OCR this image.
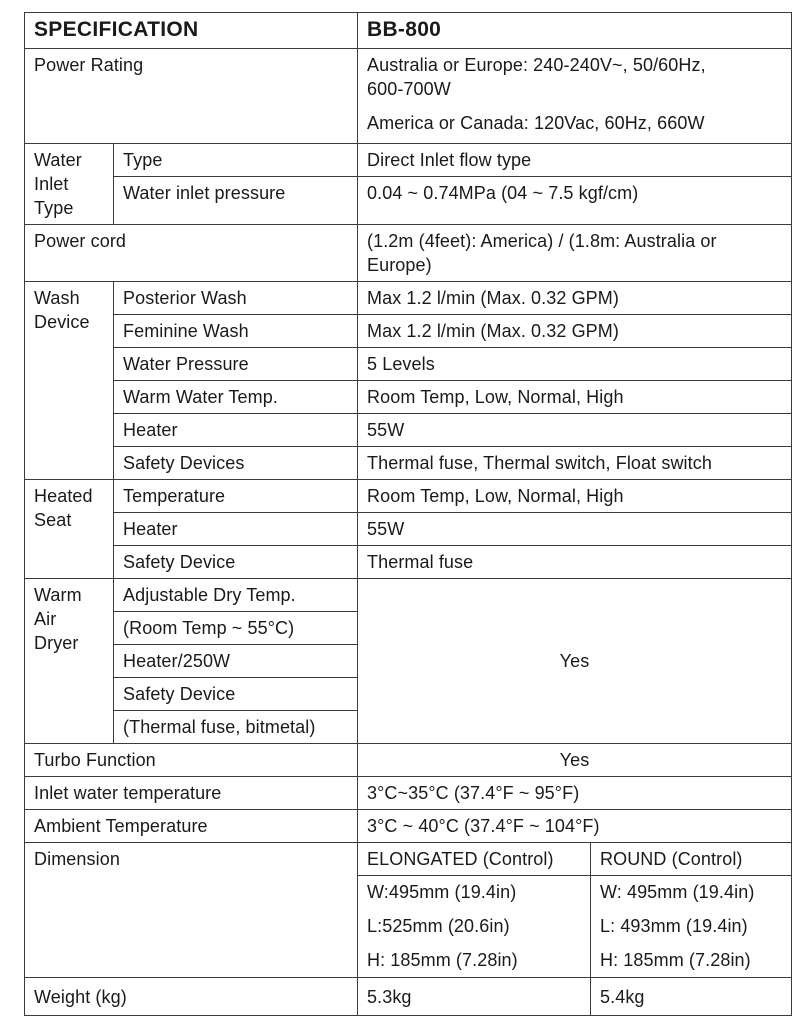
SPECIFICATION		BB-800	
Power Rating		Australia or Europe: 240-240V~, 50/60Hz,
600-700W
America or Canada: 120Vac, 60Hz, 660W	

Water
Inlet
Type	Type	Direct Inlet flow type	
	Water inlet pressure	0.04 ~ 0.74MPa (04 ~ 7.5 kgf/cm)	
Power cord		(1.2m (4feet): America) / (1.8m: Australia or
Europe)	

Wash
Device	Posterior Wash	Max 1.2 l/min (Max. 0.32 GPM)	
	Feminine Wash	Max 1.2 l/min (Max. 0.32 GPM)	
	Water Pressure	5 Levels	
	Warm Water Temp.	Room Temp, Low, Normal, High	
	Heater	55W	
	Safety Devices	Thermal fuse, Thermal switch, Float switch	

Heated
Seat	Temperature	Room Temp, Low, Normal, High	
	Heater	55W	
	Safety Device	Thermal fuse	

Warm
Air
Dryer	Adjustable Dry Temp.	Yes	
	(Room Temp ~ 55°C)		
	Heater/250W		
	Safety Device		
	(Thermal fuse, bitmetal)		
Turbo Function		Yes	
Inlet water temperature		3°C~35°C (37.4°F ~ 95°F)	
Ambient Temperature		3°C ~ 40°C (37.4°F ~ 104°F)	
Dimension		ELONGATED (Control)	ROUND (Control)
		W:495mm (19.4in)	W: 495mm (19.4in)
		L:525mm (20.6in)	L: 493mm (19.4in)
		H: 185mm (7.28in)	H: 185mm (7.28in)
Weight (kg)		5.3kg	5.4kg
